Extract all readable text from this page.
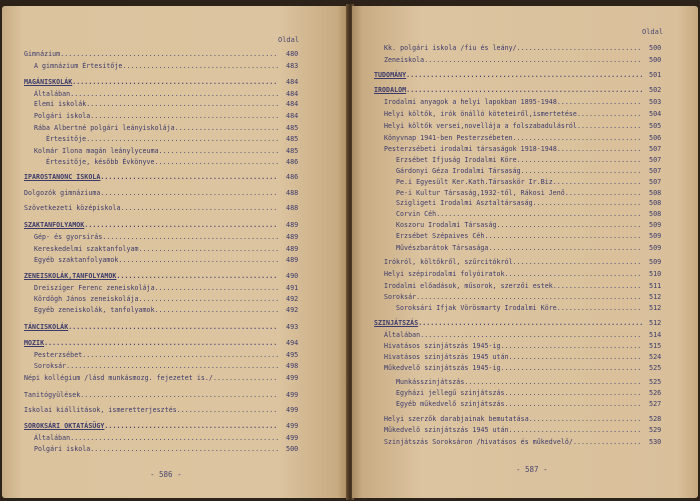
Oldal
- 586 -
Gimnázium .....	480
A gimnázium Értesitője .....	483
MAGÁNISKOLÁK .....	484
Általában .....	484
Elemi iskolák .....	484
Polgári iskola .....	484
Rába Albertné polgári leányiskolája .....	485
Értesitője .....	485
Kolmár Ilona magán leánylyceuma .....	485
Értesitője, később Évkönyve .....	486
IPAROSTANONC ISKOLA .....	486
Dolgozók gimnáziuma .....	488
Szövetkezeti középiskola .....	488
SZAKTANFOLYAMOK .....	489
Gép- és gyorsirás .....	489
Kereskedelmi szaktanfolyam .....	489
Egyéb szaktanfolyamok .....	489
ZENEISKOLÁK,TANFOLYAMOK .....	490
Dreiszíger Ferenc zeneiskolája .....	491
Kördögh János zeneiskolája .....	492
Egyéb zeneiskolák, tanfolyamok .....	492
TÁNCISKOLÁK .....	493
MOZIK .....	494
Pesterzsébet .....	495
Soroksár .....	498
Népi kollégium /lásd munkásmozg. fejezetet is./ .....	499
Tanitógyülések .....	499
Iskolai kiállitások, ismeretterjesztés .....	499
SOROKSÁRI OKTATÁSÜGY .....	499
Általában .....	499
Polgári iskola .....	500
Oldal
- 587 -
Kk. polgári iskola /fiu és leány/ .....	500
Zeneiskola .....	500
TUDOMÁNY .....	501
IRODALOM .....	502
Irodalmi anyagok a helyi lapokban 1895-1948 .....	503
Helyi költők, irók önálló köteteiről,ismertetése .....	504
Helyi költők versei,novellája a folszabadulásról .....	505
Könyvnap 1941-ben Pesterzsébeten .....	506
Pesterzsébeti irodalmi társaságok 1918-1948 .....	507
Erzsébet Ifjuság Irodalmi Köre .....	507
Gárdonyi Géza Irodalmi Társaság .....	507
Pe.i Egyesült Ker.Kath.Társaskör Ir.Biz .....	507
Pe-i Kultur Társaság,1932-től, Rákosi Jenő .....	508
Szigligeti Irodalmi Asztaltársaság .....	508
Corvin Céh .....	508
Koszoru Irodalmi Társaság .....	509
Erzsébet Szépaives Céh .....	509
Művészbarátok Társasága .....	509
Irókról, költőkről, szűrcitókról .....	509
Helyi szépirodalmi folyóiratok .....	510
Irodalmi előadások, műsorok, szerzői estek .....	511
Soroksár .....	512
Soroksári Ifjak Vörösmarty Irodalmi Köre .....	512
SZINJÁTSZÁS .....	512
Általában .....	514
Hivatásos szinjátszás 1945-ig .....	515
Hivatásos szinjátszás 1945 után .....	524
Műkedvelő szinjátszás 1945-ig .....	525
Munkásszinjátszás .....	525
Egyházi jellegű szinjátszás .....	526
Egyéb műkedvelő szinjátszás .....	527
Helyi szerzők darabjainak bemutatása .....	528
Műkedvelő szinjátszás 1945 után .....	529
Szinjátszás Soroksáron /hivatásos és műkedvelő/ .....	530
